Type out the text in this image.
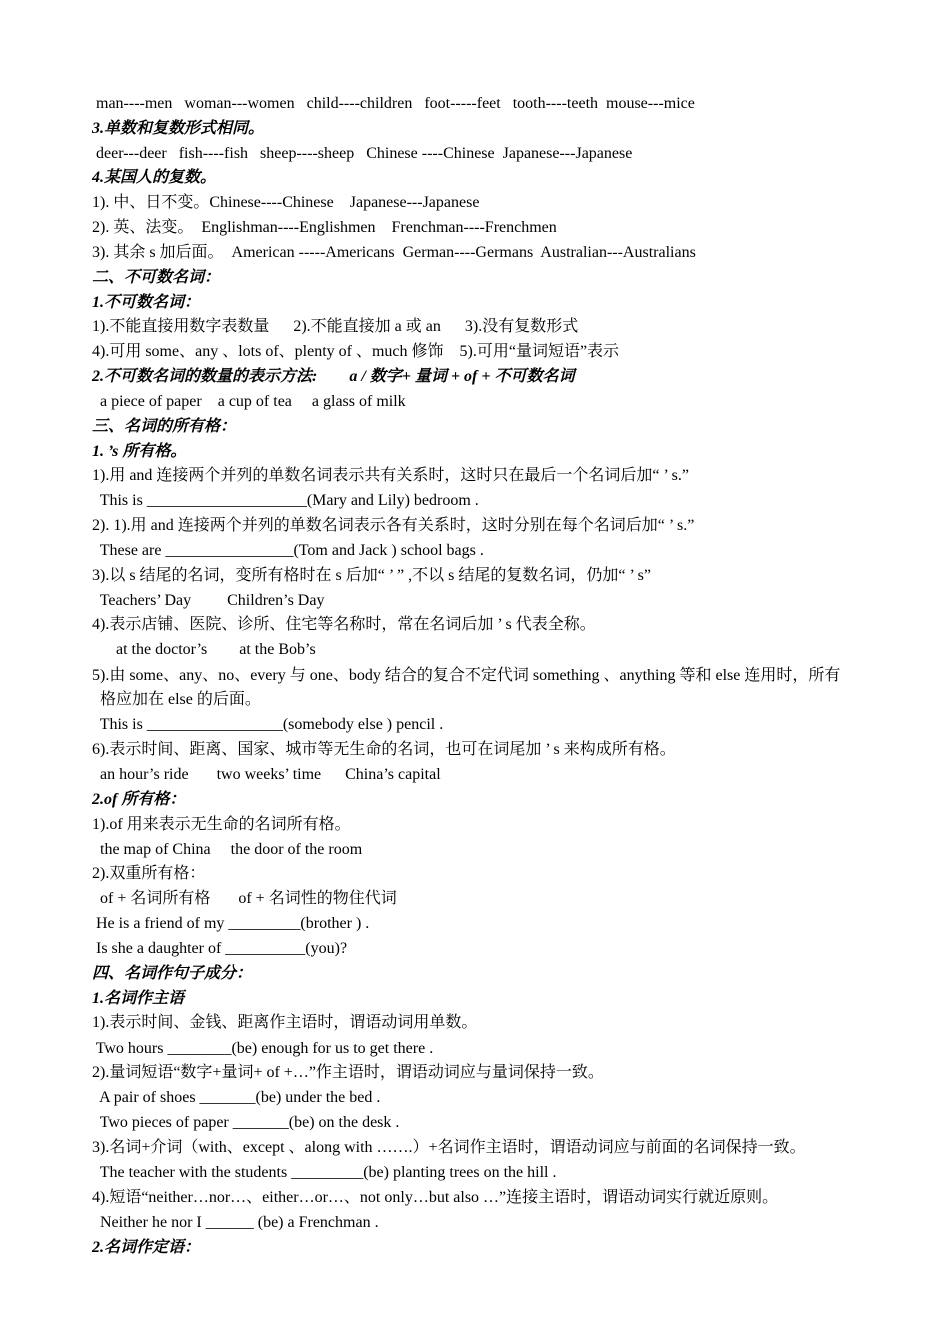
man----men   woman---women   child----children   foot-----feet   tooth----teeth  mouse---mice
3.单数和复数形式相同。
deer---deer   fish----fish   sheep----sheep   Chinese ----Chinese  Japanese---Japanese
4.某国人的复数。
1). 中、日不变。Chinese----Chinese    Japanese---Japanese
2). 英、法变。  Englishman----Englishmen    Frenchman----Frenchmen
3). 其余 s 加后面。  American -----Americans  German----Germans  Australian---Australians
二、不可数名词：
1.不可数名词：
1).不能直接用数字表数量      2).不能直接加 a 或 an      3).没有复数形式
4).可用 some、any 、lots of、plenty of 、much 修饰    5).可用“量词短语”表示
2.不可数名词的数量的表示方法:        a / 数字+ 量词 + of + 不可数名词
a piece of paper    a cup of tea     a glass of milk
三、名词的所有格：
1. ’s 所有格。
1).用 and 连接两个并列的单数名词表示共有关系时，这时只在最后一个名词后加“ ’ s.”
This is ____________________(Mary and Lily) bedroom .
2). 1).用 and 连接两个并列的单数名词表示各有关系时，这时分别在每个名词后加“ ’ s.”
These are ________________(Tom and Jack ) school bags .
3).以 s 结尾的名词，变所有格时在 s 后加“ ’ ” ,不以 s 结尾的复数名词，仍加“ ’ s”
Teachers’ Day         Children’s Day
4).表示店铺、医院、诊所、住宅等名称时，常在名词后加 ’ s 代表全称。
at the doctor’s        at the Bob’s
5).由 some、any、no、every 与 one、body 结合的复合不定代词 something 、anything 等和 else 连用时，所有
格应加在 else 的后面。
This is _________________(somebody else ) pencil .
6).表示时间、距离、国家、城市等无生命的名词，也可在词尾加 ’ s 来构成所有格。
an hour’s ride       two weeks’ time      China’s capital
2.of 所有格：
1).of 用来表示无生命的名词所有格。
the map of China     the door of the room
2).双重所有格：
of + 名词所有格       of + 名词性的物住代词
He is a friend of my _________(brother ) .
Is she a daughter of __________(you)?
四、名词作句子成分：
1.名词作主语
1).表示时间、金钱、距离作主语时，谓语动词用单数。
Two hours ________(be) enough for us to get there .
2).量词短语“数字+量词+ of +…”作主语时，谓语动词应与量词保持一致。
A pair of shoes _______(be) under the bed .
Two pieces of paper _______(be) on the desk .
3).名词+介词（with、except 、along with …….）+名词作主语时，谓语动词应与前面的名词保持一致。
The teacher with the students _________(be) planting trees on the hill .
4).短语“neither…nor…、either…or…、not only…but also …”连接主语时，谓语动词实行就近原则。
Neither he nor I ______ (be) a Frenchman .
2.名词作定语：
